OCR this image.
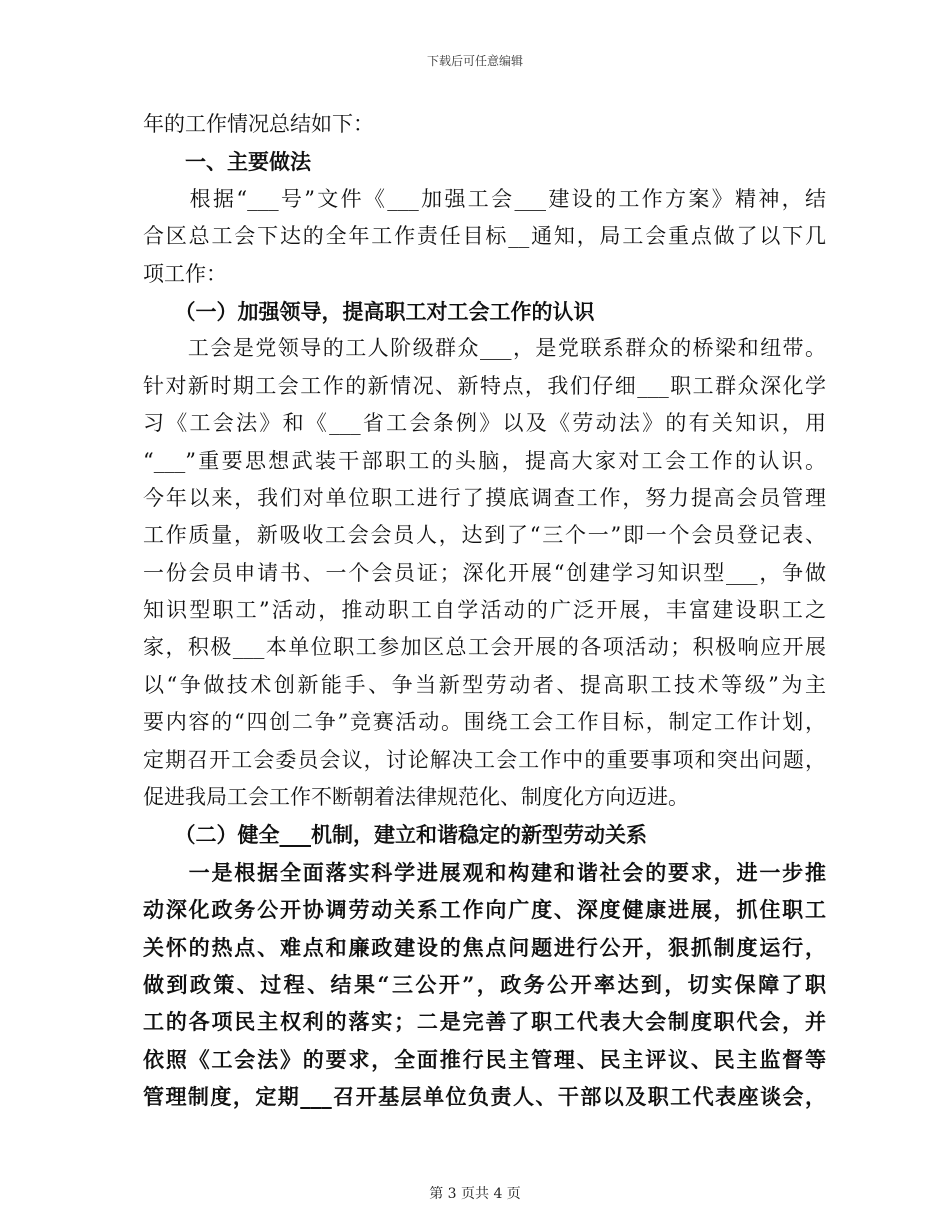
下载后可任意编辑
年的工作情况总结如下：
　　一、主要做法
　　根据“___号”文件《___加强工会___建设的工作方案》精神，结
合区总工会下达的全年工作责任目标__通知，局工会重点做了以下几
项工作：
　　（一）加强领导，提高职工对工会工作的认识
　　工会是党领导的工人阶级群众___，是党联系群众的桥梁和纽带。
针对新时期工会工作的新情况、新特点，我们仔细___职工群众深化学
习《工会法》和《___省工会条例》以及《劳动法》的有关知识，用
“___”重要思想武装干部职工的头脑，提高大家对工会工作的认识。
今年以来，我们对单位职工进行了摸底调查工作，努力提高会员管理
工作质量，新吸收工会会员人，达到了“三个一”即一个会员登记表、
一份会员申请书、一个会员证；深化开展“创建学习知识型___，争做
知识型职工”活动，推动职工自学活动的广泛开展，丰富建设职工之
家，积极___本单位职工参加区总工会开展的各项活动；积极响应开展
以“争做技术创新能手、争当新型劳动者、提高职工技术等级”为主
要内容的“四创二争”竞赛活动。围绕工会工作目标，制定工作计划，
定期召开工会委员会议，讨论解决工会工作中的重要事项和突出问题，
促进我局工会工作不断朝着法律规范化、制度化方向迈进。
　　（二）健全___机制，建立和谐稳定的新型劳动关系
　　一是根据全面落实科学进展观和构建和谐社会的要求，进一步推
动深化政务公开协调劳动关系工作向广度、深度健康进展，抓住职工
关怀的热点、难点和廉政建设的焦点问题进行公开，狠抓制度运行，
做到政策、过程、结果“三公开”，政务公开率达到，切实保障了职
工的各项民主权利的落实；二是完善了职工代表大会制度职代会，并
依照《工会法》的要求，全面推行民主管理、民主评议、民主监督等
管理制度，定期___召开基层单位负责人、干部以及职工代表座谈会，
第 3 页共 4 页
